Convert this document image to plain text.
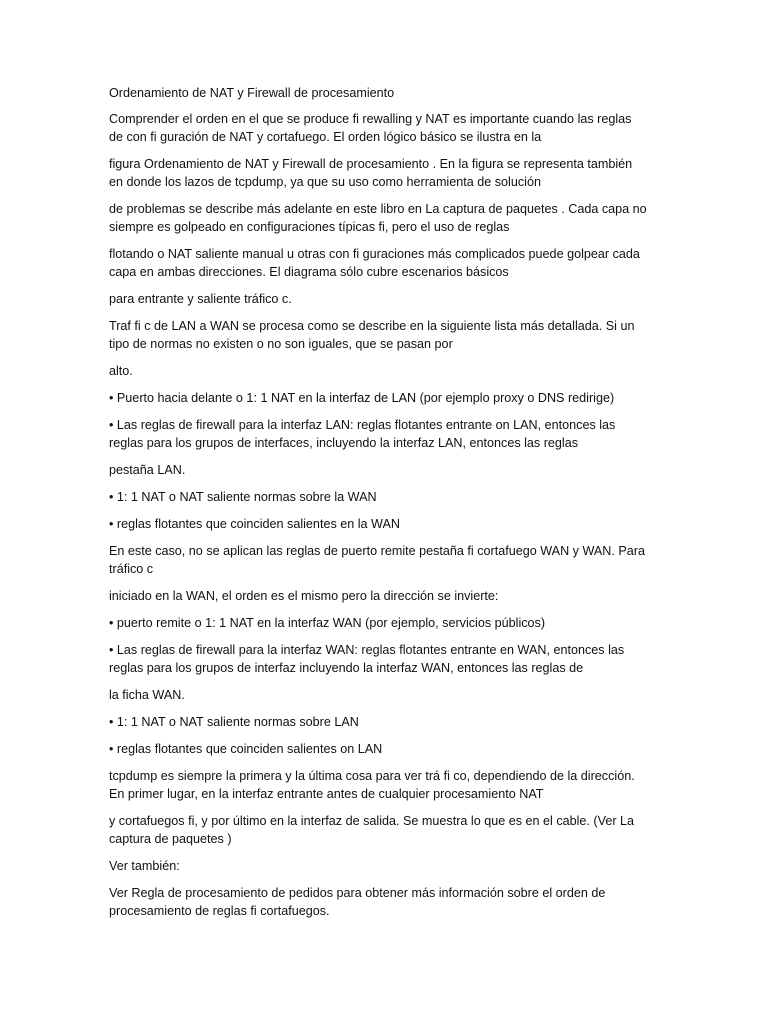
Ordenamiento de NAT y Firewall de procesamiento
Comprender el orden en el que se produce fi rewalling y NAT es importante cuando las reglas
de con fi guración de NAT y cortafuego. El orden lógico básico se ilustra en la
figura Ordenamiento de NAT y Firewall de procesamiento . En la figura se representa también
en donde los lazos de tcpdump, ya que su uso como herramienta de solución
de problemas se describe más adelante en este libro en La captura de paquetes . Cada capa no
siempre es golpeado en configuraciones típicas fi, pero el uso de reglas
flotando o NAT saliente manual u otras con fi guraciones más complicados puede golpear cada
capa en ambas direcciones. El diagrama sólo cubre escenarios básicos
para entrante y saliente tráfico c.
Traf fi c de LAN a WAN se procesa como se describe en la siguiente lista más detallada. Si un
tipo de normas no existen o no son iguales, que se pasan por
alto.
• Puerto hacia delante o 1: 1 NAT en la interfaz de LAN (por ejemplo proxy o DNS redirige)
• Las reglas de firewall para la interfaz LAN: reglas flotantes entrante on LAN, entonces las
reglas para los grupos de interfaces, incluyendo la interfaz LAN, entonces las reglas
pestaña LAN.
• 1: 1 NAT o NAT saliente normas sobre la WAN
• reglas flotantes que coinciden salientes en la WAN
En este caso, no se aplican las reglas de puerto remite pestaña fi cortafuego WAN y WAN. Para
tráfico c
iniciado en la WAN, el orden es el mismo pero la dirección se invierte:
• puerto remite o 1: 1 NAT en la interfaz WAN (por ejemplo, servicios públicos)
• Las reglas de firewall para la interfaz WAN: reglas flotantes entrante en WAN, entonces las
reglas para los grupos de interfaz incluyendo la interfaz WAN, entonces las reglas de
la ficha WAN.
• 1: 1 NAT o NAT saliente normas sobre LAN
• reglas flotantes que coinciden salientes on LAN
tcpdump es siempre la primera y la última cosa para ver trá fi co, dependiendo de la dirección.
En primer lugar, en la interfaz entrante antes de cualquier procesamiento NAT
y cortafuegos fi, y por último en la interfaz de salida. Se muestra lo que es en el cable. (Ver La
captura de paquetes )
Ver también:
Ver Regla de procesamiento de pedidos para obtener más información sobre el orden de
procesamiento de reglas fi cortafuegos.
